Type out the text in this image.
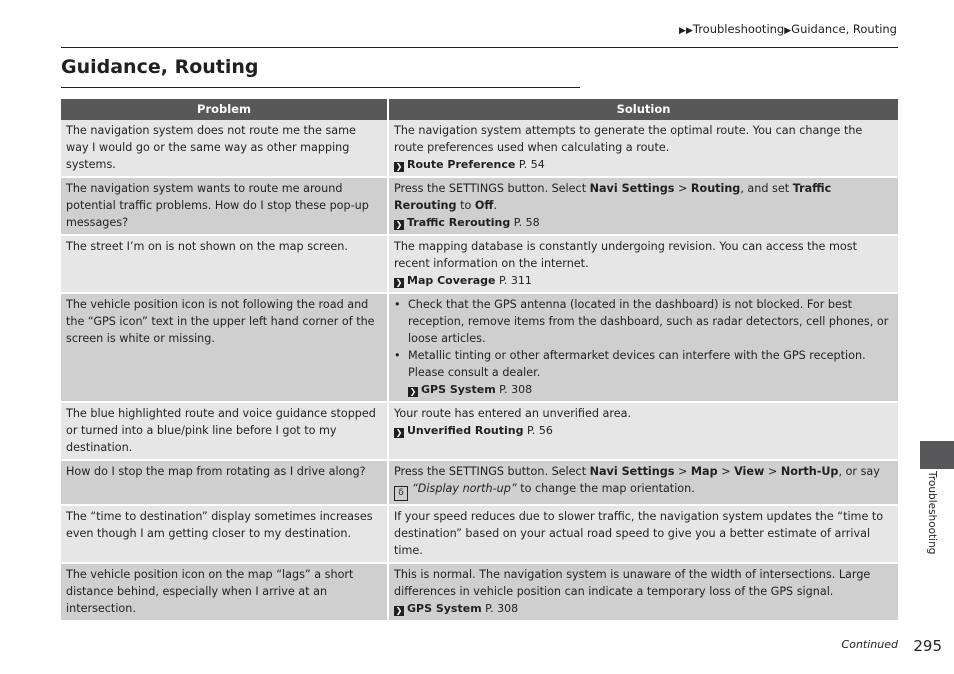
▶▶Troubleshooting▶Guidance, Routing
Guidance, Routing
Problem	Solution
The navigation system does not route me the same way I would go or the same way as other mapping systems.	The navigation system attempts to generate the optimal route. You can change the route preferences used when calculating a route.
❯ Route Preference P. 54

The navigation system wants to route me around potential traffic problems. How do I stop these pop-up messages?	Press the SETTINGS button. Select Navi Settings > Routing, and set Traffic Rerouting to Off.
❯ Traffic Rerouting P. 58

The street I’m on is not shown on the map screen.	The mapping database is constantly undergoing revision. You can access the most recent information on the internet.
❯ Map Coverage P. 311

The vehicle position icon is not following the road and the “GPS icon” text in the upper left hand corner of the screen is white or missing.	• Check that the GPS antenna (located in the dashboard) is not blocked. For best reception, remove items from the dashboard, such as radar detectors, cell phones, or loose articles.
• Metallic tinting or other aftermarket devices can interfere with the GPS reception. Please consult a dealer.
❯ GPS System P. 308

The blue highlighted route and voice guidance stopped or turned into a blue/pink line before I got to my destination.	Your route has entered an unverified area.
❯ Unverified Routing P. 56

How do I stop the map from rotating as I drive along?	Press the SETTINGS button. Select Navi Settings > Map > View > North-Up, or say
ẟ “Display north-up” to change the map orientation.
The “time to destination” display sometimes increases even though I am getting closer to my destination.	If your speed reduces due to slower traffic, the navigation system updates the “time to destination” based on your actual road speed to give you a better estimate of arrival time.
The vehicle position icon on the map “lags” a short distance behind, especially when I arrive at an intersection.	This is normal. The navigation system is unaware of the width of intersections. Large differences in vehicle position can indicate a temporary loss of the GPS signal.
❯ GPS System P. 308
Troubleshooting
Continued 295
